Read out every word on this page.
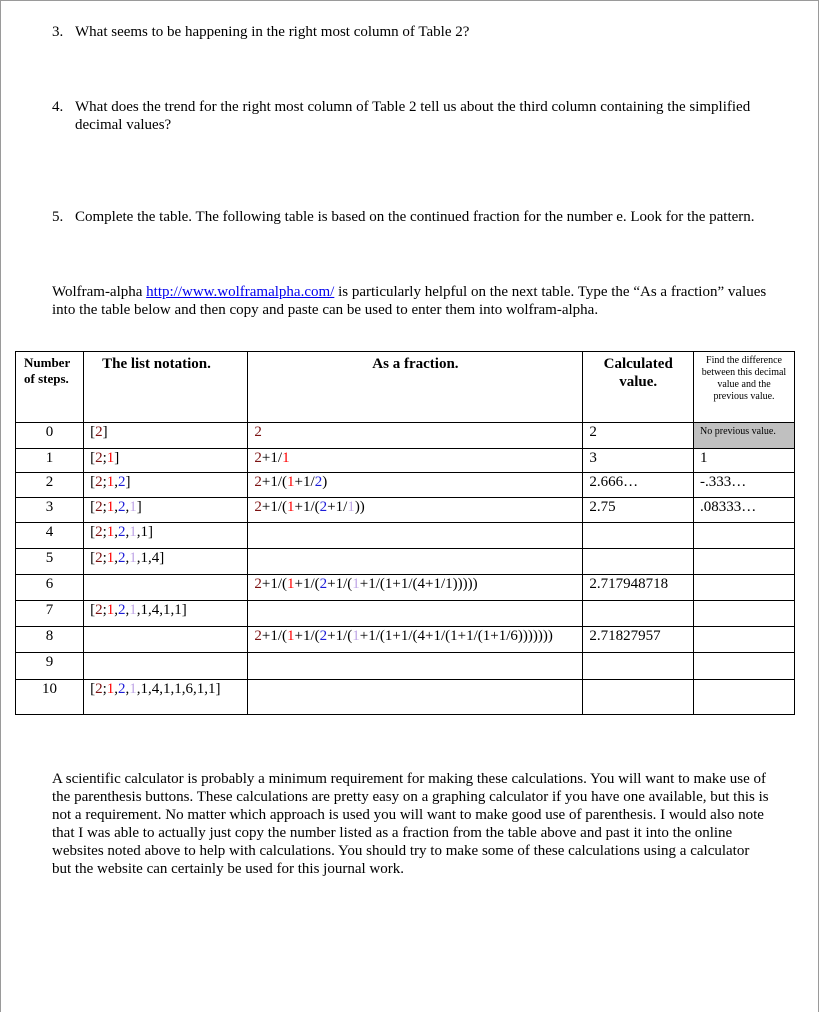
3. What seems to be happening in the right most column of Table 2?
4. What does the trend for the right most column of Table 2 tell us about the third column containing the simplified decimal values?
5. Complete the table. The following table is based on the continued fraction for the number e. Look for the pattern.
Wolfram-alpha http://www.wolframalpha.com/ is particularly helpful on the next table. Type the “As a fraction” values into the table below and then copy and paste can be used to enter them into wolfram-alpha.
Number of steps.	The list notation.	As a fraction.	Calculated value.	Find the difference between this decimal value and the previous value.
0	[2]	2	2	No previous value.
1	[2;1]	2+1/1	3	1
2	[2;1,2]	2+1/(1+1/2)	2.666…	-.333…
3	[2;1,2,1]	2+1/(1+1/(2+1/1))	2.75	.08333…
4	[2;1,2,1,1]			
5	[2;1,2,1,1,4]			
6		2+1/(1+1/(2+1/(1+1/(1+1/(4+1/1)))))	2.717948718	
7	[2;1,2,1,1,4,1,1]			
8		2+1/(1+1/(2+1/(1+1/(1+1/(4+1/(1+1/(1+1/6)))))))	2.71827957	
9				
10	[2;1,2,1,1,4,1,1,6,1,1]			
A scientific calculator is probably a minimum requirement for making these calculations. You will want to make use of the parenthesis buttons. These calculations are pretty easy on a graphing calculator if you have one available, but this is not a requirement. No matter which approach is used you will want to make good use of parenthesis. I would also note that I was able to actually just copy the number listed as a fraction from the table above and past it into the online websites noted above to help with calculations. You should try to make some of these calculations using a calculator but the website can certainly be used for this journal work.
